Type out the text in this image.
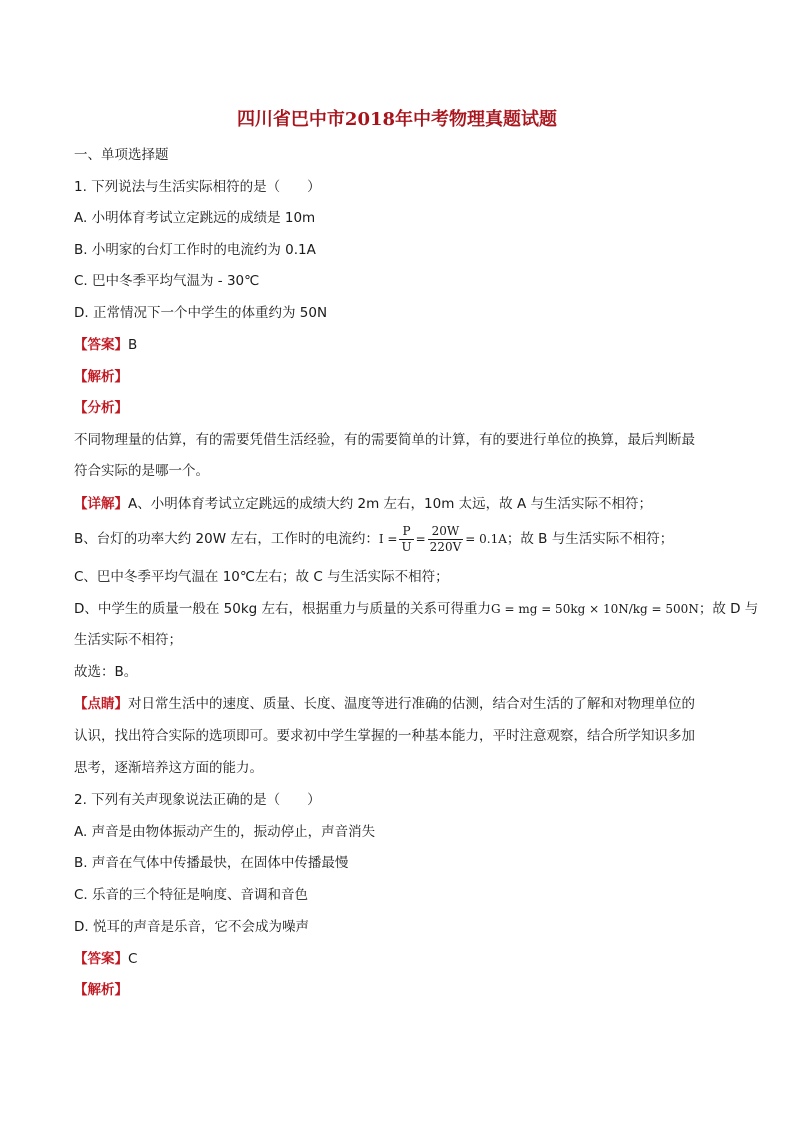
四川省巴中市2018年中考物理真题试题
一、单项选择题
1. 下列说法与生活实际相符的是（　　）
A. 小明体育考试立定跳远的成绩是 10m
B. 小明家的台灯工作时的电流约为 0.1A
C. 巴中冬季平均气温为 - 30℃
D. 正常情况下一个中学生的体重约为 50N
【答案】B
【解析】
【分析】
不同物理量的估算，有的需要凭借生活经验，有的需要简单的计算，有的要进行单位的换算，最后判断最
符合实际的是哪一个。
【详解】A、小明体育考试立定跳远的成绩大约 2m 左右，10m 太远，故 A 与生活实际不相符；
B、台灯的功率大约 20W 左右，工作时的电流约：$I = \frac{P}{U} = \frac{20W}{220V} = 0.1A$；故 B 与生活实际不相符；
C、巴中冬季平均气温在 10℃左右；故 C 与生活实际不相符；
D、中学生的质量一般在 50kg 左右，根据重力与质量的关系可得重力G = mg = 50kg × 10N/kg = 500N；故 D 与
生活实际不相符；
故选：B。
【点睛】对日常生活中的速度、质量、长度、温度等进行准确的估测，结合对生活的了解和对物理单位的
认识，找出符合实际的选项即可。要求初中学生掌握的一种基本能力，平时注意观察，结合所学知识多加
思考，逐渐培养这方面的能力。
2. 下列有关声现象说法正确的是（　　）
A. 声音是由物体振动产生的，振动停止，声音消失
B. 声音在气体中传播最快，在固体中传播最慢
C. 乐音的三个特征是响度、音调和音色
D. 悦耳的声音是乐音，它不会成为噪声
【答案】C
【解析】
